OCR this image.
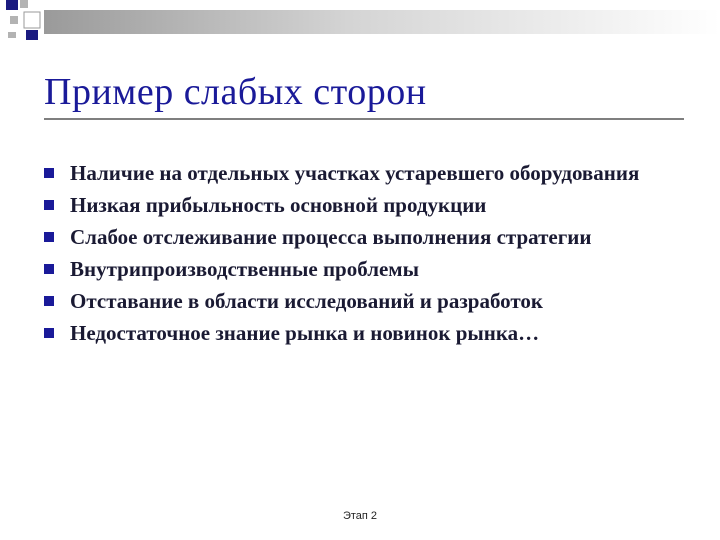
Пример слабых сторон
Наличие на отдельных участках устаревшего оборудования
Низкая прибыльность основной продукции
Слабое отслеживание процесса выполнения стратегии
Внутрипроизводственные проблемы
Отставание в области исследований и разработок
Недостаточное знание рынка и новинок рынка…
Этап 2
